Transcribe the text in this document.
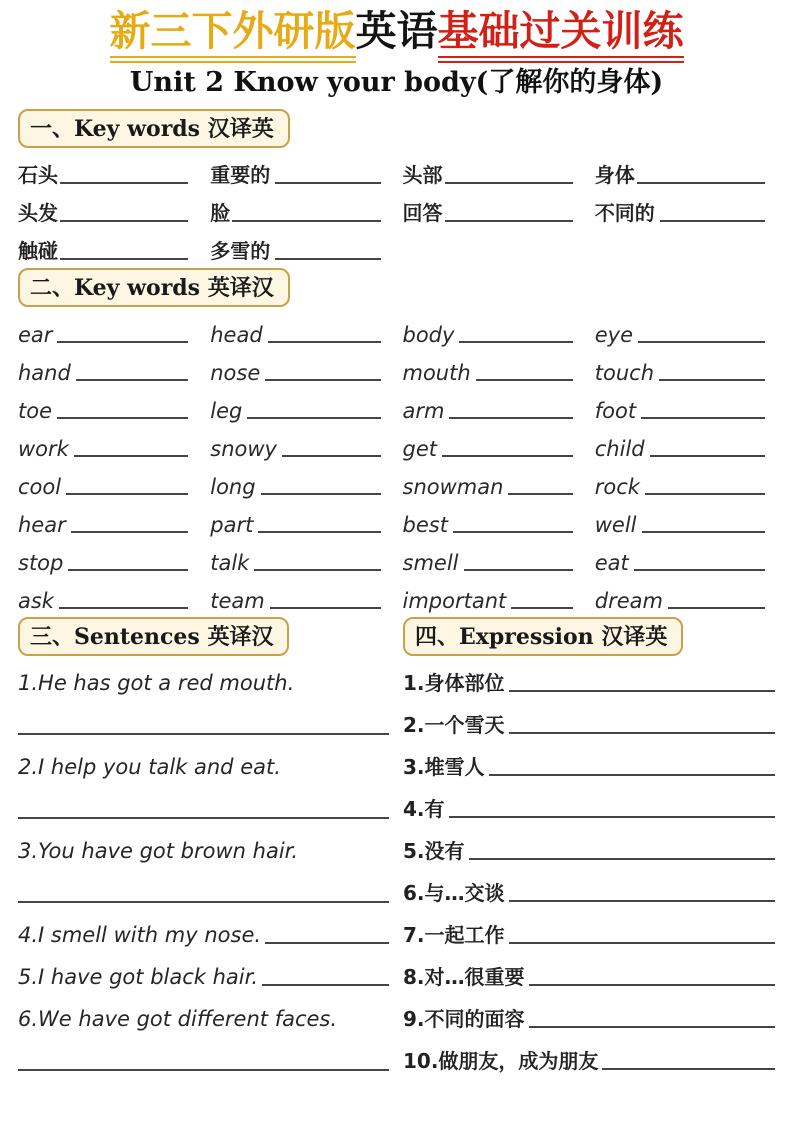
新三下外研版英语基础过关训练
Unit 2 Know your body(了解你的身体)
一、Key words 汉译英
石头	重要的	头部	身体
头发	脸	回答	不同的
触碰	多雪的
二、Key words 英译汉
ear	head	body	eye
hand	nose	mouth	touch
toe	leg	arm	foot
work	snowy	get	child
cool	long	snowman	rock
hear	part	best	well
stop	talk	smell	eat
ask	team	important	dream
三、Sentences 英译汉	四、Expression 汉译英
1.He has got a red mouth.
2.I help you talk and eat.
3.You have got brown hair.
4.I smell with my nose.
5.I have got black hair.
6.We have got different faces.
1.身体部位
2.一个雪天
3.堆雪人
4.有
5.没有
6.与…交谈
7.一起工作
8.对…很重要
9.不同的面容
10.做朋友，成为朋友
